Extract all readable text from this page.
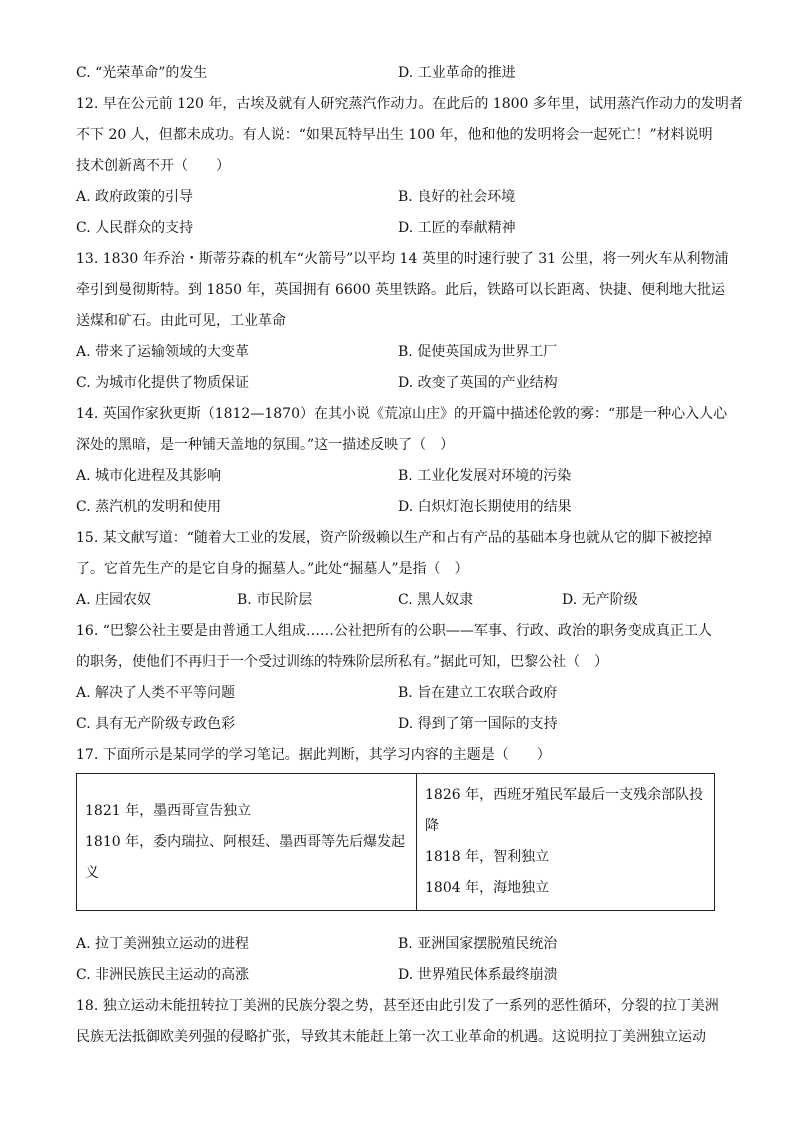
C. “光荣革命”的发生	D. 工业革命的推进
12. 早在公元前 120 年，古埃及就有人研究蒸汽作动力。在此后的 1800 多年里，试用蒸汽作动力的发明者
不下 20 人，但都未成功。有人说：“如果瓦特早出生 100 年，他和他的发明将会一起死亡！”材料说明
技术创新离不开（　　）
A. 政府政策的引导	B. 良好的社会环境
C. 人民群众的支持	D. 工匠的奉献精神
13. 1830 年乔治・斯蒂芬森的机车“火箭号”以平均 14 英里的时速行驶了 31 公里，将一列火车从利物浦
牵引到曼彻斯特。到 1850 年，英国拥有 6600 英里铁路。此后，铁路可以长距离、快捷、便利地大批运
送煤和矿石。由此可见，工业革命
A. 带来了运输领域的大变革	B. 促使英国成为世界工厂
C. 为城市化提供了物质保证	D. 改变了英国的产业结构
14. 英国作家狄更斯（1812—1870）在其小说《荒凉山庄》的开篇中描述伦敦的雾：“那是一种心入人心
深处的黑暗，是一种铺天盖地的氛围。”这一描述反映了（　）
A. 城市化进程及其影响	B. 工业化发展对环境的污染
C. 蒸汽机的发明和使用	D. 白炽灯泡长期使用的结果
15. 某文献写道：“随着大工业的发展，资产阶级赖以生产和占有产品的基础本身也就从它的脚下被挖掉
了。它首先生产的是它自身的掘墓人。”此处“掘墓人”是指（　）
A. 庄园农奴	B. 市民阶层	C. 黑人奴隶	D. 无产阶级
16. “巴黎公社主要是由普通工人组成……公社把所有的公职——军事、行政、政治的职务变成真正工人
的职务，使他们不再归于一个受过训练的特殊阶层所私有。”据此可知，巴黎公社（　）
A. 解决了人类不平等问题	B. 旨在建立工农联合政府
C. 具有无产阶级专政色彩	D. 得到了第一国际的支持
17. 下面所示是某同学的学习笔记。据此判断，其学习内容的主题是（　　）
1821 年，墨西哥宣告独立
1810 年，委内瑞拉、阿根廷、墨西哥等先后爆发起
义

1826 年，西班牙殖民军最后一支残余部队投
降
1818 年，智利独立
1804 年，海地独立
A. 拉丁美洲独立运动的进程	B. 亚洲国家摆脱殖民统治
C. 非洲民族民主运动的高涨	D. 世界殖民体系最终崩溃
18. 独立运动未能扭转拉丁美洲的民族分裂之势，甚至还由此引发了一系列的恶性循环，分裂的拉丁美洲
民族无法抵御欧美列强的侵略扩张，导致其未能赶上第一次工业革命的机遇。这说明拉丁美洲独立运动
